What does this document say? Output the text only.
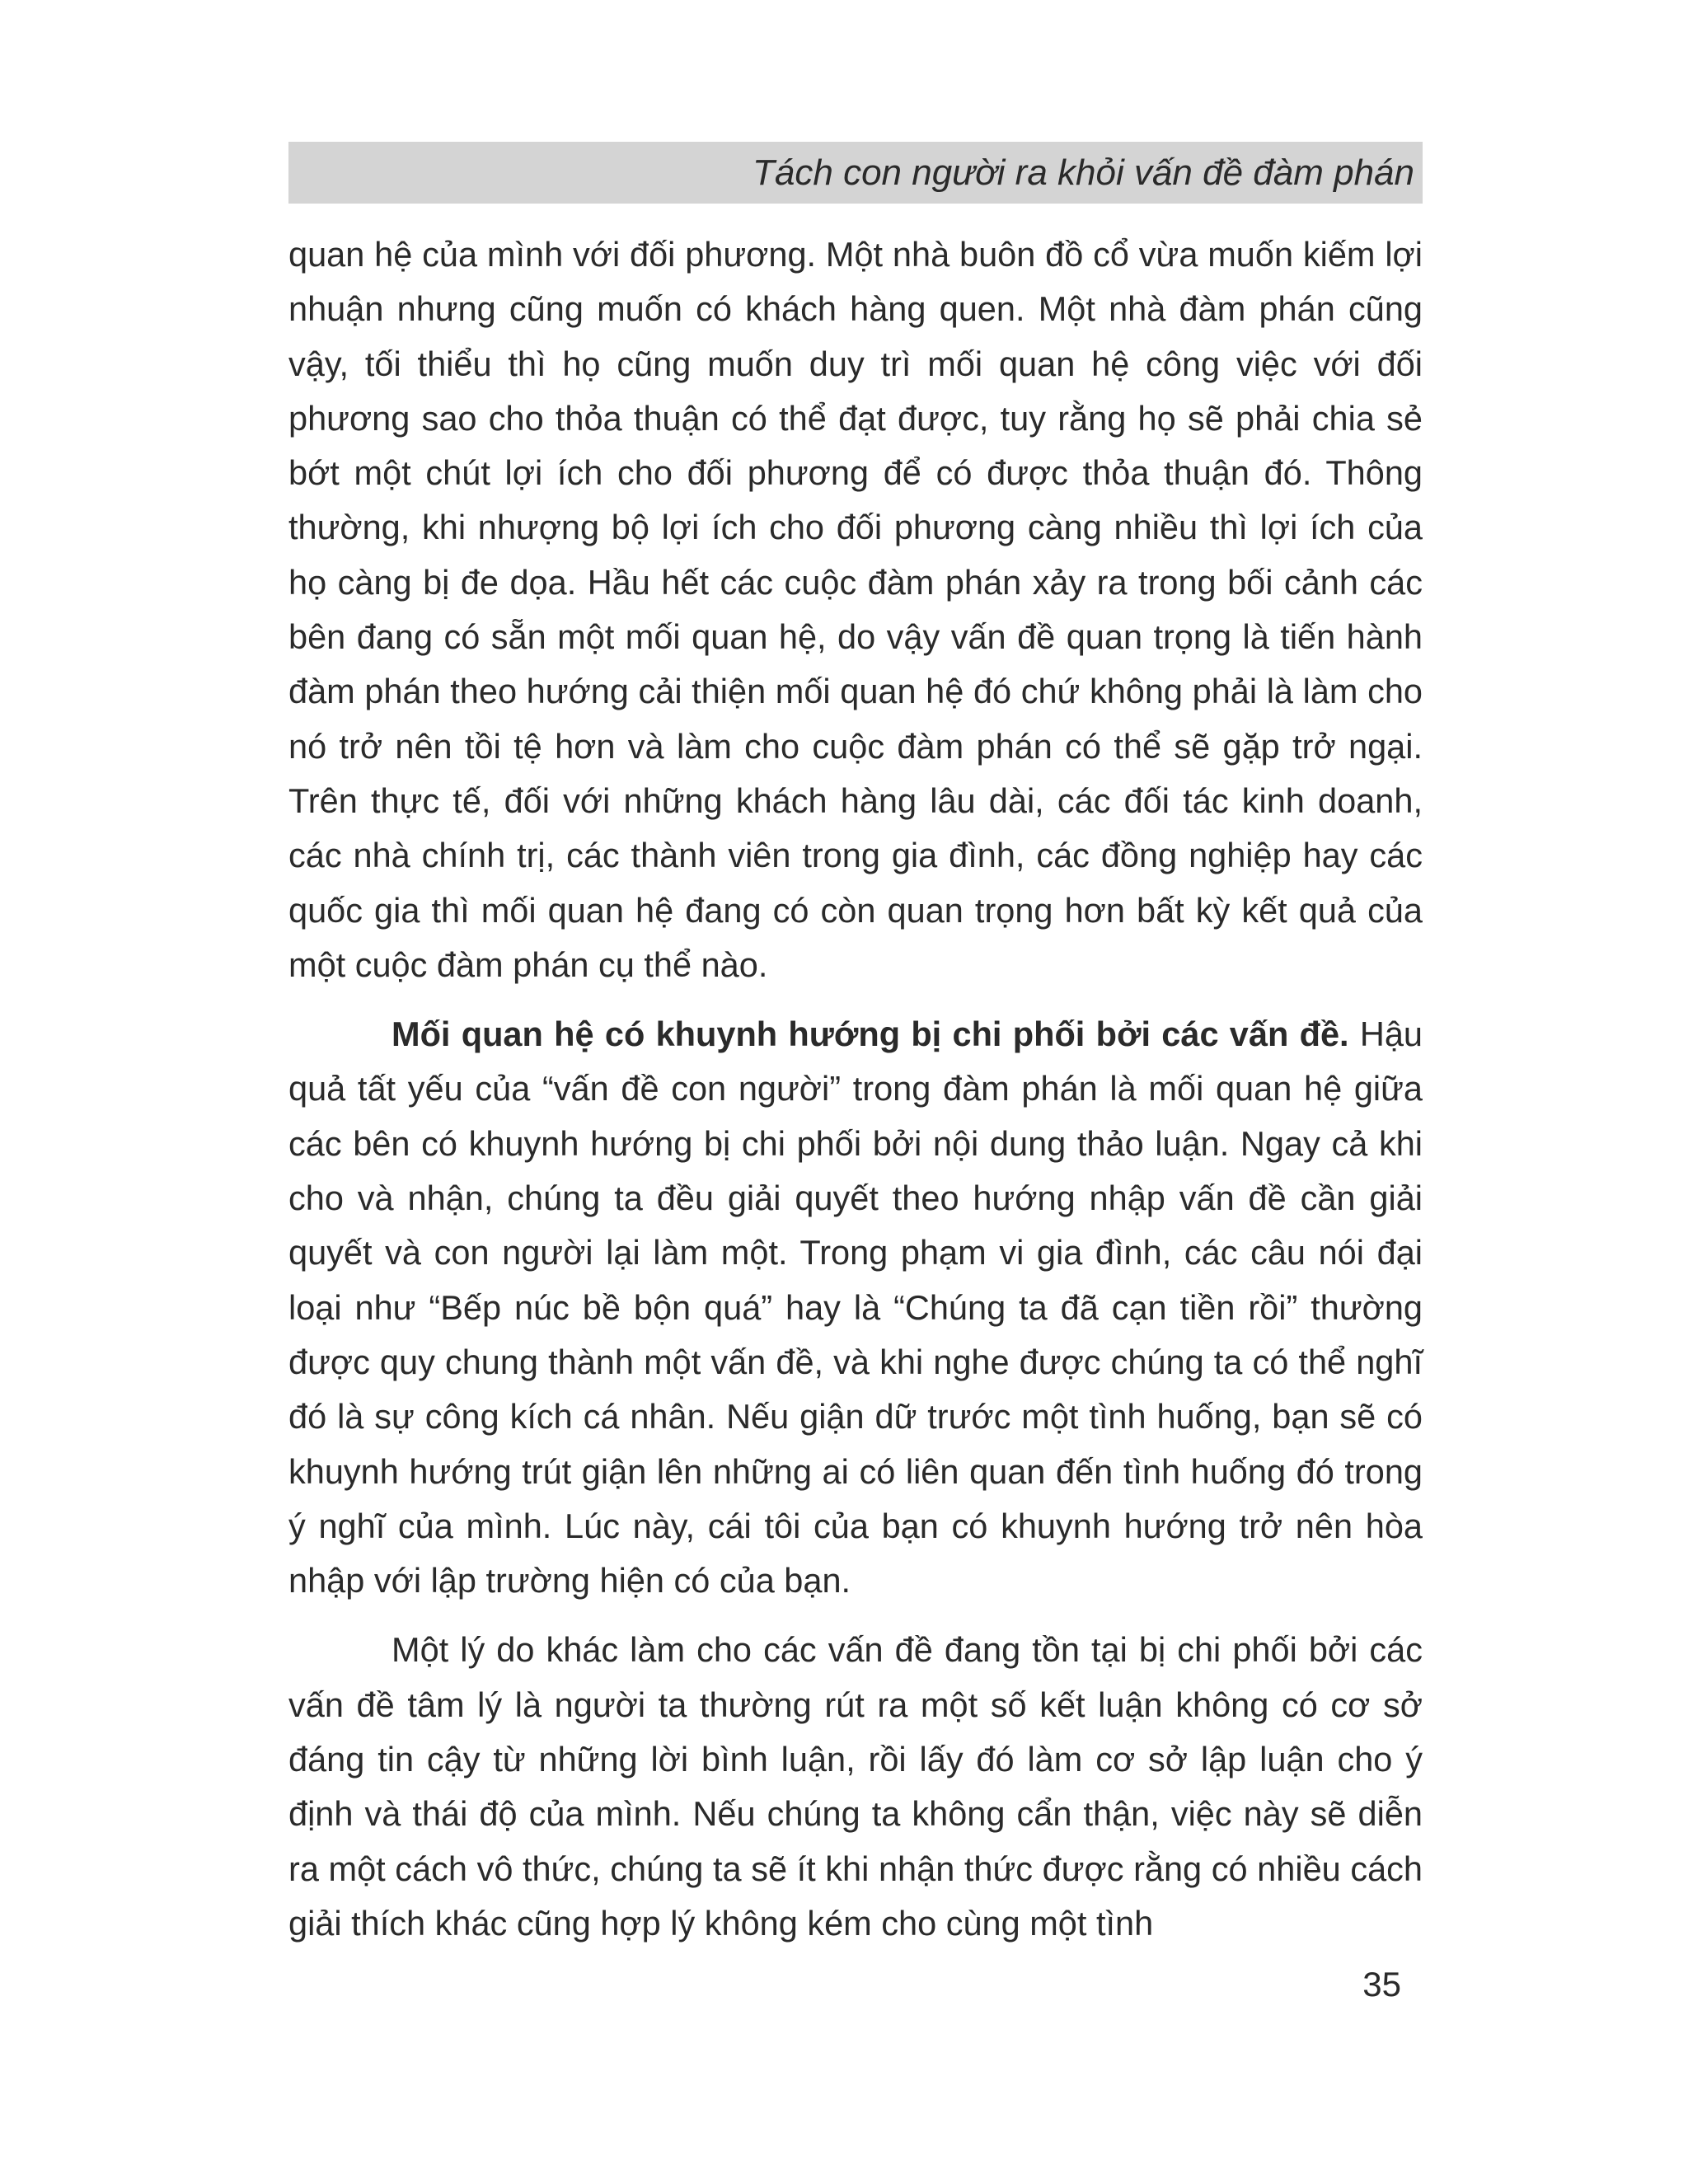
Tách con người ra khỏi vấn đề đàm phán

quan hệ của mình với đối phương. Một nhà buôn đồ cổ vừa muốn kiếm lợi nhuận nhưng cũng muốn có khách hàng quen. Một nhà đàm phán cũng vậy, tối thiểu thì họ cũng muốn duy trì mối quan hệ công việc với đối phương sao cho thỏa thuận có thể đạt được, tuy rằng họ sẽ phải chia sẻ bớt một chút lợi ích cho đối phương để có được thỏa thuận đó. Thông thường, khi nhượng bộ lợi ích cho đối phương càng nhiều thì lợi ích của họ càng bị đe dọa. Hầu hết các cuộc đàm phán xảy ra trong bối cảnh các bên đang có sẵn một mối quan hệ, do vậy vấn đề quan trọng là tiến hành đàm phán theo hướng cải thiện mối quan hệ đó chứ không phải là làm cho nó trở nên tồi tệ hơn và làm cho cuộc đàm phán có thể sẽ gặp trở ngại. Trên thực tế, đối với những khách hàng lâu dài, các đối tác kinh doanh, các nhà chính trị, các thành viên trong gia đình, các đồng nghiệp hay các quốc gia thì mối quan hệ đang có còn quan trọng hơn bất kỳ kết quả của một cuộc đàm phán cụ thể nào.

Mối quan hệ có khuynh hướng bị chi phối bởi các vấn đề. Hậu quả tất yếu của “vấn đề con người” trong đàm phán là mối quan hệ giữa các bên có khuynh hướng bị chi phối bởi nội dung thảo luận. Ngay cả khi cho và nhận, chúng ta đều giải quyết theo hướng nhập vấn đề cần giải quyết và con người lại làm một. Trong phạm vi gia đình, các câu nói đại loại như “Bếp núc bề bộn quá” hay là “Chúng ta đã cạn tiền rồi” thường được quy chung thành một vấn đề, và khi nghe được chúng ta có thể nghĩ đó là sự công kích cá nhân. Nếu giận dữ trước một tình huống, bạn sẽ có khuynh hướng trút giận lên những ai có liên quan đến tình huống đó trong ý nghĩ của mình. Lúc này, cái tôi của bạn có khuynh hướng trở nên hòa nhập với lập trường hiện có của bạn.

Một lý do khác làm cho các vấn đề đang tồn tại bị chi phối bởi các vấn đề tâm lý là người ta thường rút ra một số kết luận không có cơ sở đáng tin cậy từ những lời bình luận, rồi lấy đó làm cơ sở lập luận cho ý định và thái độ của mình. Nếu chúng ta không cẩn thận, việc này sẽ diễn ra một cách vô thức, chúng ta sẽ ít khi nhận thức được rằng có nhiều cách giải thích khác cũng hợp lý không kém cho cùng một tình

35
